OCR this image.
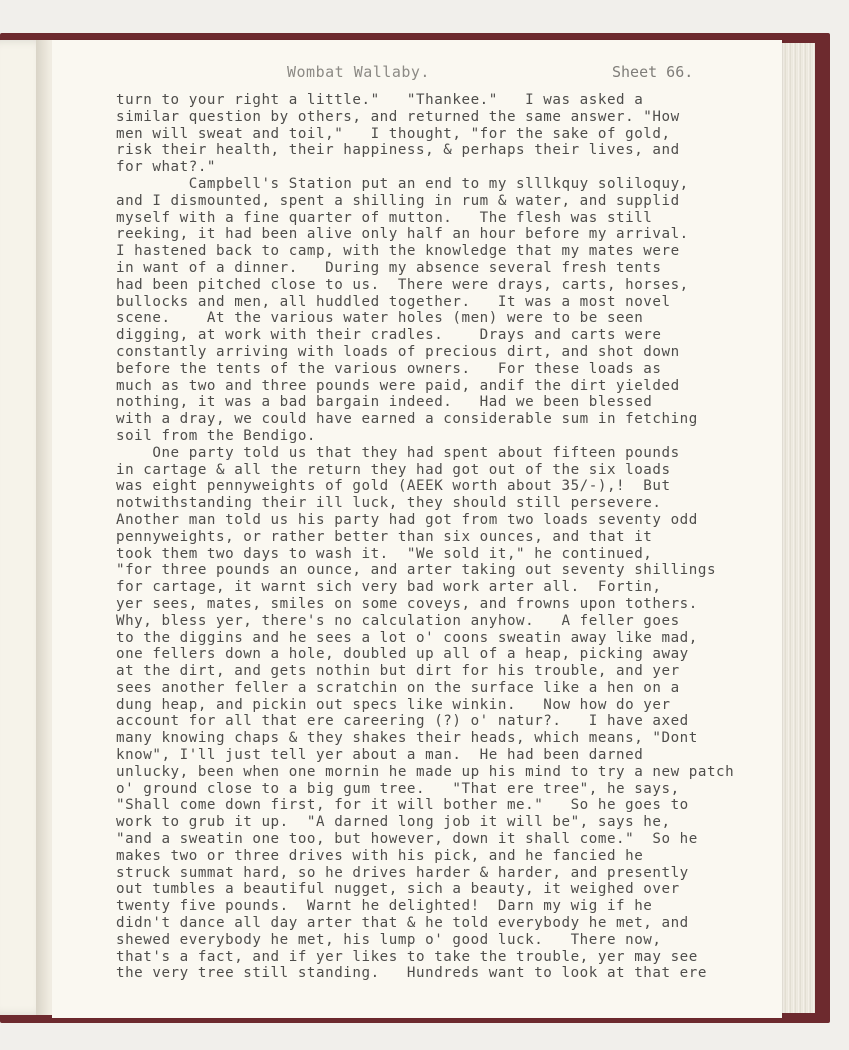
Wombat Wallaby.	Sheet 66.
turn to your right a little."   "Thankee."   I was asked a
similar question by others, and returned the same answer. "How
men will sweat and toil,"   I thought, "for the sake of gold,
risk their health, their happiness, & perhaps their lives, and
for what?."
Campbell's Station put an end to my slllkquy soliloquy,
and I dismounted, spent a shilling in rum & water, and supplid
myself with a fine quarter of mutton.   The flesh was still
reeking, it had been alive only half an hour before my arrival.
I hastened back to camp, with the knowledge that my mates were
in want of a dinner.   During my absence several fresh tents
had been pitched close to us.  There were drays, carts, horses,
bullocks and men, all huddled together.   It was a most novel
scene.    At the various water holes (men) were to be seen
digging, at work with their cradles.    Drays and carts were
constantly arriving with loads of precious dirt, and shot down
before the tents of the various owners.   For these loads as
much as two and three pounds were paid, andif the dirt yielded
nothing, it was a bad bargain indeed.   Had we been blessed
with a dray, we could have earned a considerable sum in fetching
soil from the Bendigo.
One party told us that they had spent about fifteen pounds
in cartage & all the return they had got out of the six loads
was eight pennyweights of gold (AEEK worth about 35/-),!  But
notwithstanding their ill luck, they should still persevere.
Another man told us his party had got from two loads seventy odd
pennyweights, or rather better than six ounces, and that it
took them two days to wash it.  "We sold it," he continued,
"for three pounds an ounce, and arter taking out seventy shillings
for cartage, it warnt sich very bad work arter all.  Fortin,
yer sees, mates, smiles on some coveys, and frowns upon tothers.
Why, bless yer, there's no calculation anyhow.   A feller goes
to the diggins and he sees a lot o' coons sweatin away like mad,
one fellers down a hole, doubled up all of a heap, picking away
at the dirt, and gets nothin but dirt for his trouble, and yer
sees another feller a scratchin on the surface like a hen on a
dung heap, and pickin out specs like winkin.   Now how do yer
account for all that ere careering (?) o' natur?.   I have axed
many knowing chaps & they shakes their heads, which means, "Dont
know", I'll just tell yer about a man.  He had been darned
unlucky, been when one mornin he made up his mind to try a new patch
o' ground close to a big gum tree.   "That ere tree", he says,
"Shall come down first, for it will bother me."   So he goes to
work to grub it up.  "A darned long job it will be", says he,
"and a sweatin one too, but however, down it shall come."  So he
makes two or three drives with his pick, and he fancied he
struck summat hard, so he drives harder & harder, and presently
out tumbles a beautiful nugget, sich a beauty, it weighed over
twenty five pounds.  Warnt he delighted!  Darn my wig if he
didn't dance all day arter that & he told everybody he met, and
shewed everybody he met, his lump o' good luck.   There now,
that's a fact, and if yer likes to take the trouble, yer may see
the very tree still standing.   Hundreds want to look at that ere
